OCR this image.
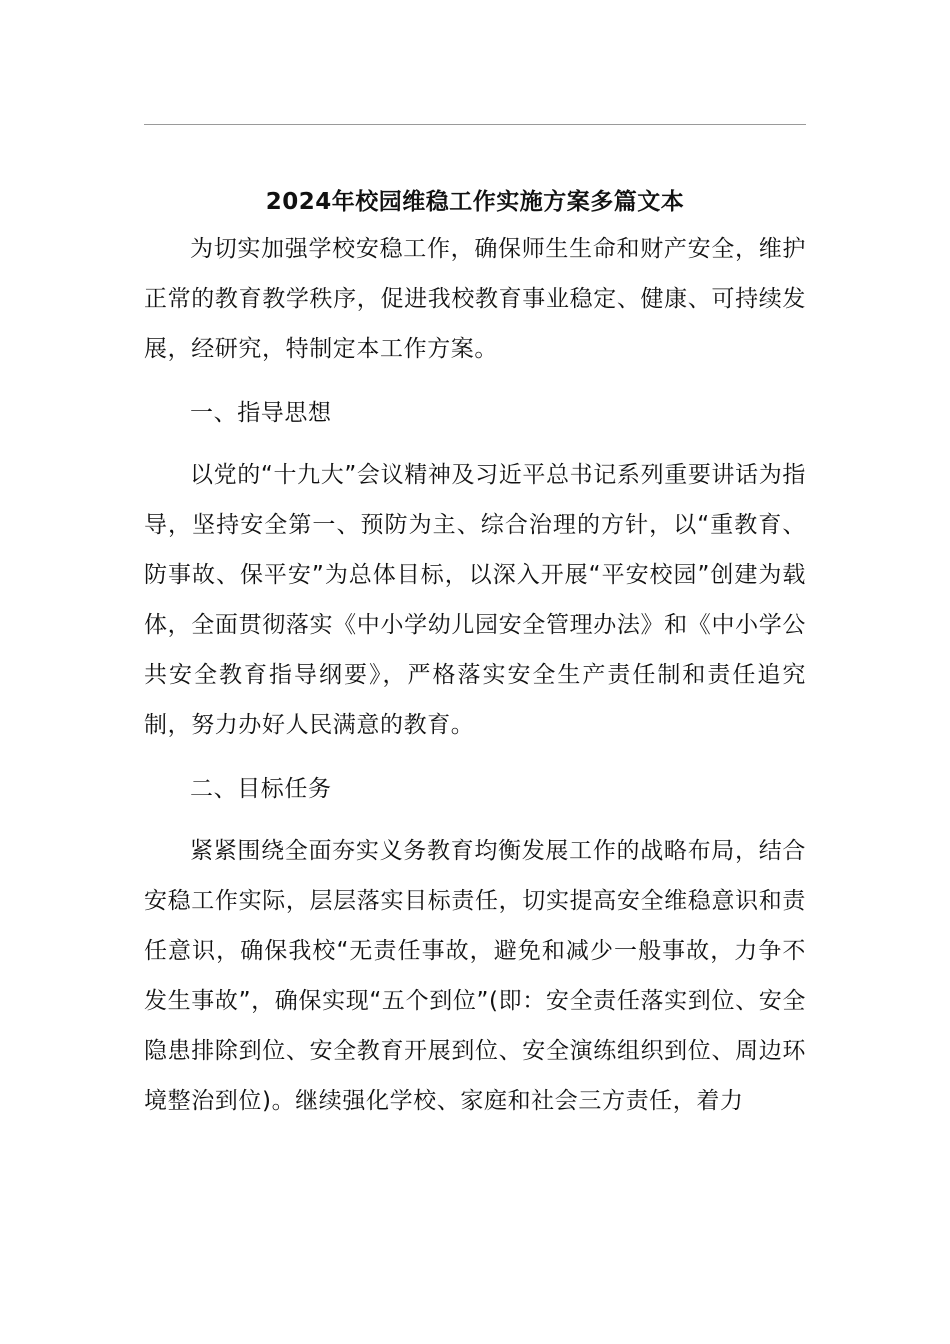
2024年校园维稳工作实施方案多篇文本

为切实加强学校安稳工作，确保师生生命和财产安全，维护正常的教育教学秩序，促进我校教育事业稳定、健康、可持续发展，经研究，特制定本工作方案。

一、指导思想

以党的“十九大”会议精神及习近平总书记系列重要讲话为指导，坚持安全第一、预防为主、综合治理的方针，以“重教育、防事故、保平安”为总体目标，以深入开展“平安校园”创建为载体，全面贯彻落实《中小学幼儿园安全管理办法》和《中小学公共安全教育指导纲要》，严格落实安全生产责任制和责任追究制，努力办好人民满意的教育。

二、目标任务

紧紧围绕全面夯实义务教育均衡发展工作的战略布局，结合安稳工作实际，层层落实目标责任，切实提高安全维稳意识和责任意识，确保我校“无责任事故，避免和减少一般事故，力争不发生事故”，确保实现“五个到位”(即：安全责任落实到位、安全隐患排除到位、安全教育开展到位、安全演练组织到位、周边环境整治到位)。继续强化学校、家庭和社会三方责任，着力
